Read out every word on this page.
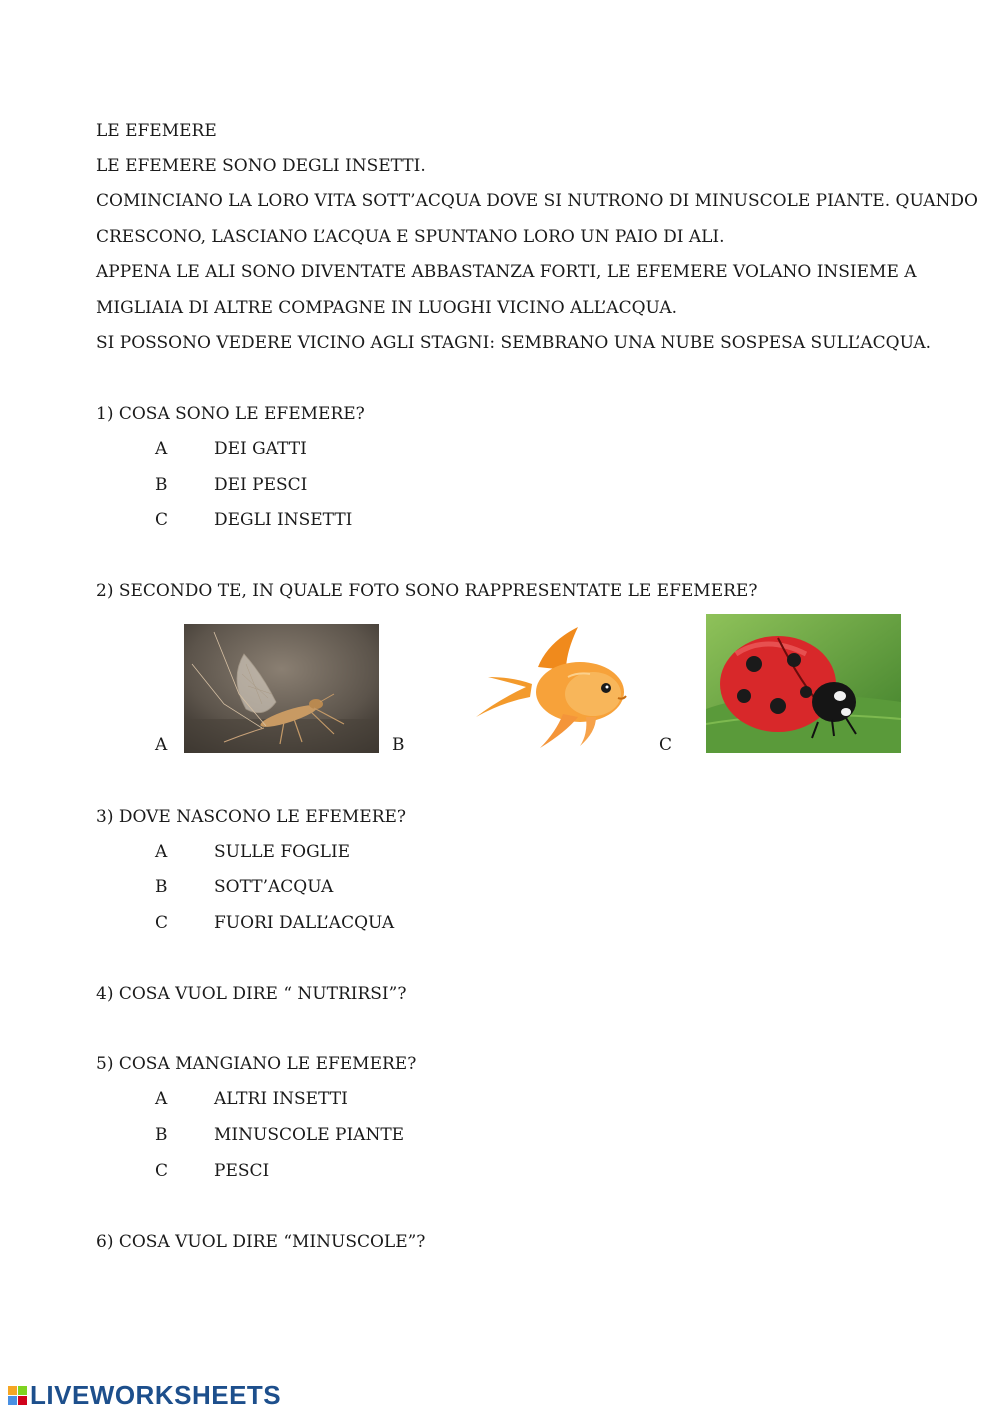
LE EFEMERE
LE EFEMERE SONO DEGLI INSETTI.
COMINCIANO LA LORO VITA SOTT’ACQUA DOVE SI NUTRONO DI MINUSCOLE PIANTE. QUANDO
CRESCONO, LASCIANO L’ACQUA E SPUNTANO LORO UN PAIO DI ALI.
APPENA LE ALI SONO DIVENTATE ABBASTANZA FORTI, LE EFEMERE VOLANO INSIEME A
MIGLIAIA DI ALTRE COMPAGNE IN LUOGHI VICINO ALL’ACQUA.
SI POSSONO VEDERE VICINO AGLI STAGNI: SEMBRANO UNA NUBE SOSPESA SULL’ACQUA.
1) COSA SONO LE EFEMERE?
A	DEI GATTI
B	DEI PESCI
C	DEGLI INSETTI
2) SECONDO TE, IN QUALE FOTO SONO RAPPRESENTATE LE EFEMERE?
A	B	C
3) DOVE NASCONO LE EFEMERE?
A	SULLE FOGLIE
B	SOTT’ACQUA
C	FUORI DALL’ACQUA
4) COSA VUOL DIRE “ NUTRIRSI”?
5) COSA MANGIANO LE EFEMERE?
A	ALTRI INSETTI
B	MINUSCOLE PIANTE
C	PESCI
6) COSA VUOL DIRE “MINUSCOLE”?
LIVEWORKSHEETS
